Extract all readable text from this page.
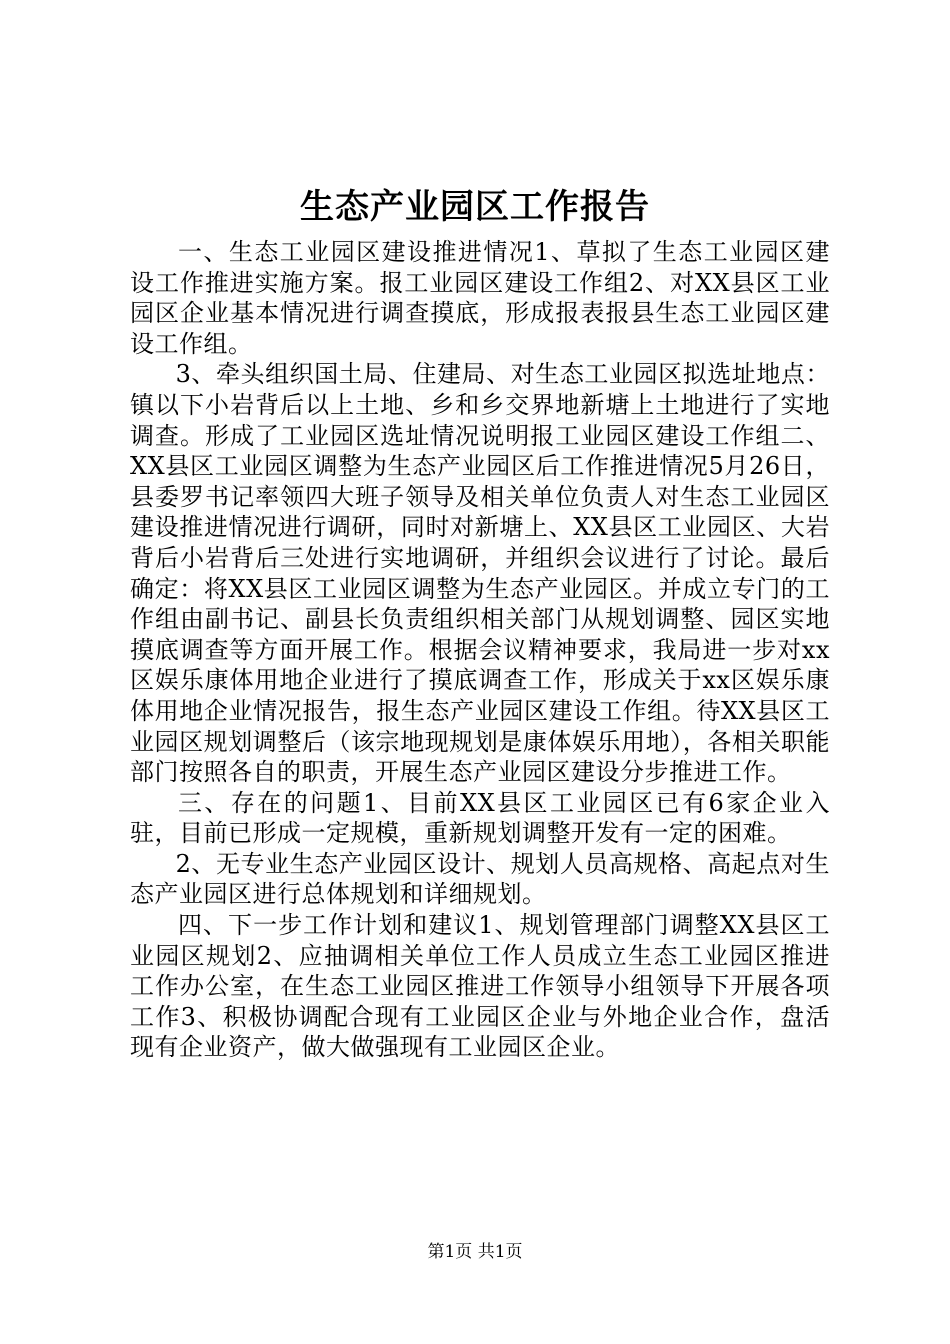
生态产业园区工作报告

一、生态工业园区建设推进情况1、草拟了生态工业园区建设工作推进实施方案。报工业园区建设工作组2、对XX县区工业园区企业基本情况进行调查摸底，形成报表报县生态工业园区建设工作组。

3、牵头组织国土局、住建局、对生态工业园区拟选址地点：镇以下小岩背后以上土地、乡和乡交界地新塘上土地进行了实地调查。形成了工业园区选址情况说明报工业园区建设工作组二、XX县区工业园区调整为生态产业园区后工作推进情况5月26日，县委罗书记率领四大班子领导及相关单位负责人对生态工业园区建设推进情况进行调研，同时对新塘上、XX县区工业园区、大岩背后小岩背后三处进行实地调研，并组织会议进行了讨论。最后确定：将XX县区工业园区调整为生态产业园区。并成立专门的工作组由副书记、副县长负责组织相关部门从规划调整、园区实地摸底调查等方面开展工作。根据会议精神要求，我局进一步对xx区娱乐康体用地企业进行了摸底调查工作，形成关于xx区娱乐康体用地企业情况报告，报生态产业园区建设工作组。待XX县区工业园区规划调整后（该宗地现规划是康体娱乐用地），各相关职能部门按照各自的职责，开展生态产业园区建设分步推进工作。

三、存在的问题1、目前XX县区工业园区已有6家企业入驻，目前已形成一定规模，重新规划调整开发有一定的困难。

2、无专业生态产业园区设计、规划人员高规格、高起点对生态产业园区进行总体规划和详细规划。

四、下一步工作计划和建议1、规划管理部门调整XX县区工业园区规划2、应抽调相关单位工作人员成立生态工业园区推进工作办公室，在生态工业园区推进工作领导小组领导下开展各项工作3、积极协调配合现有工业园区企业与外地企业合作，盘活现有企业资产，做大做强现有工业园区企业。

第1页 共1页
